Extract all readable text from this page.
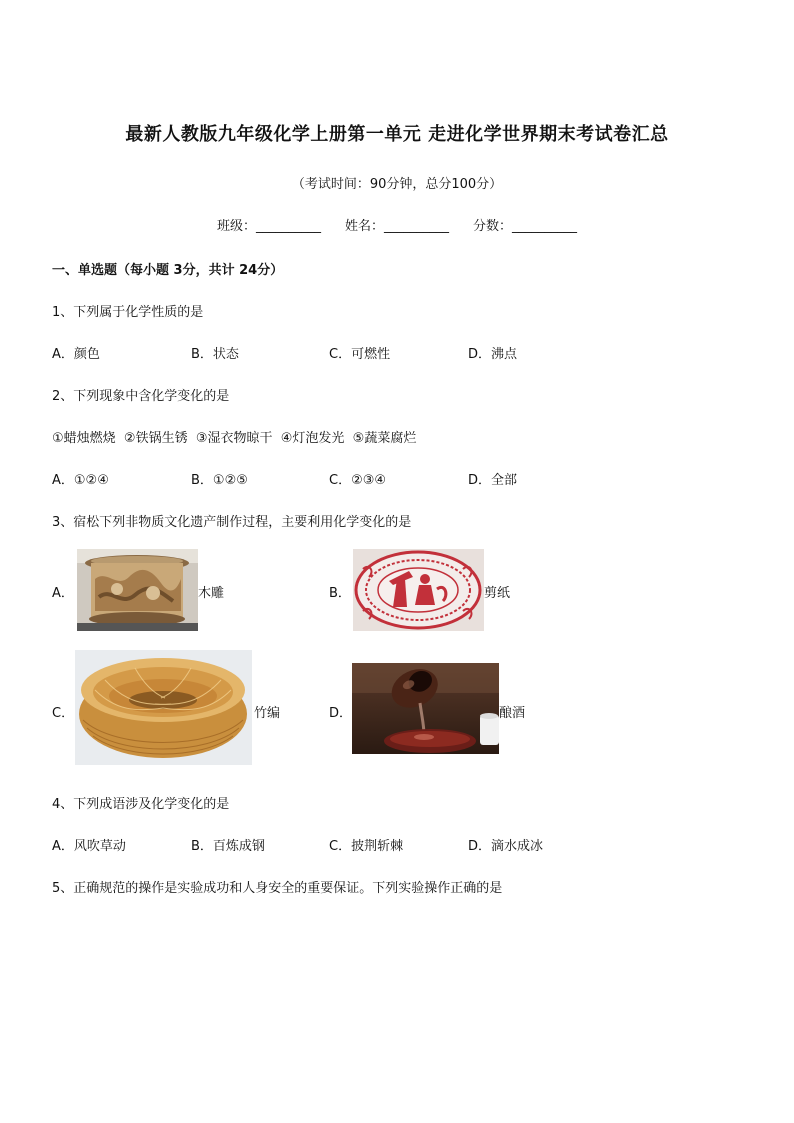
最新人教版九年级化学上册第一单元 走进化学世界期末考试卷汇总
（考试时间：90分钟，总分100分）
班级：__________ 姓名：__________ 分数：__________
一、单选题（每小题 3分，共计 24分）
1、下列属于化学性质的是
A．颜色	B．状态	C．可燃性	D．沸点
2、下列现象中含化学变化的是
①蜡烛燃烧  ②铁锅生锈  ③湿衣物晾干  ④灯泡发光  ⑤蔬菜腐烂
A．①②④	B．①②⑤	C．②③④	D．全部
3、宿松下列非物质文化遗产制作过程，主要利用化学变化的是
A．	木雕	B．	剪纸
C．	竹编	D．	酿酒
4、下列成语涉及化学变化的是
A．风吹草动	B．百炼成钢	C．披荆斩棘	D．滴水成冰
5、正确规范的操作是实验成功和人身安全的重要保证。下列实验操作正确的是
